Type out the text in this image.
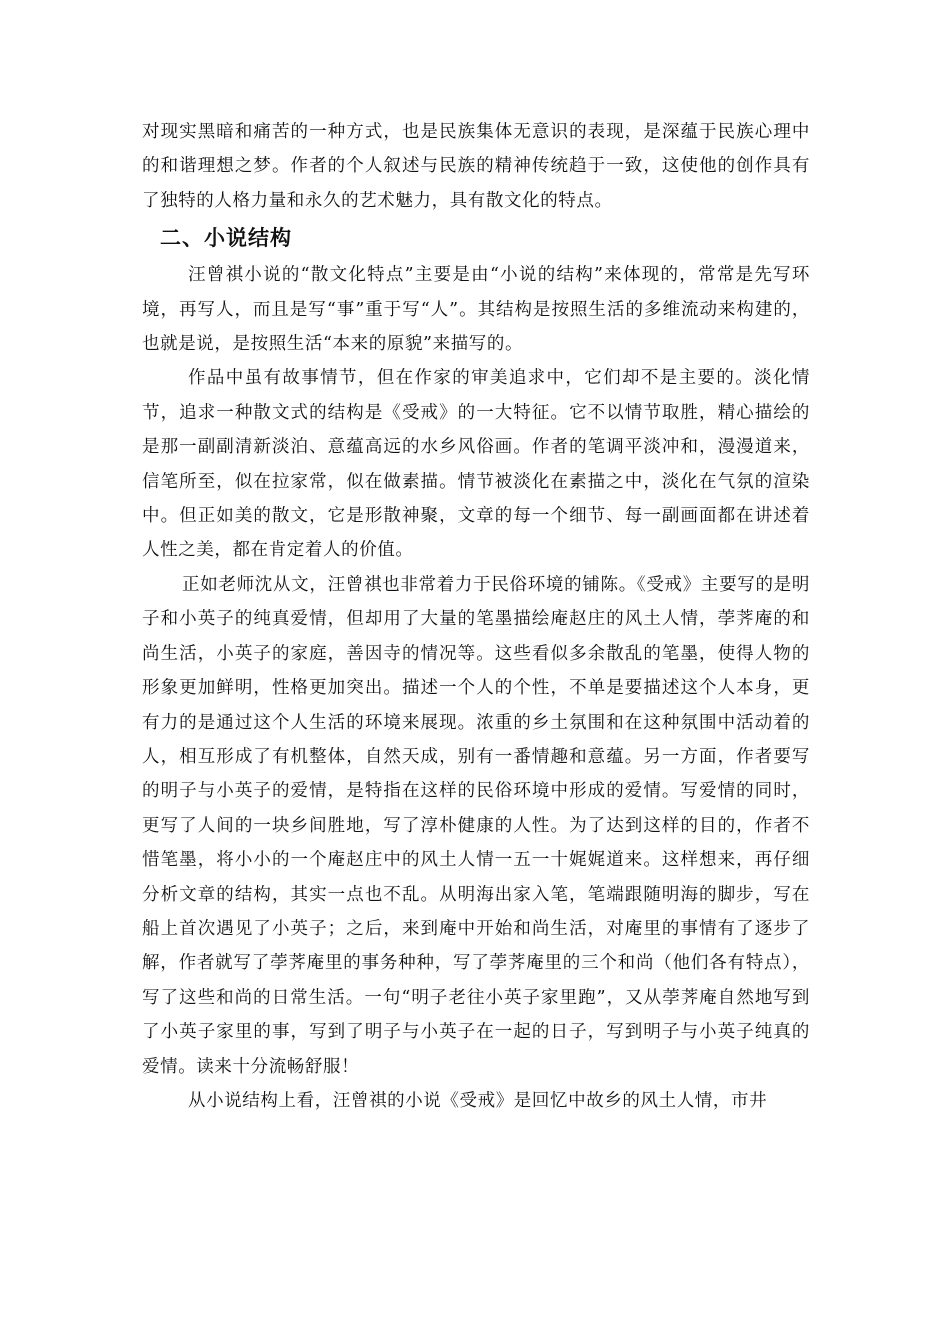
对现实黑暗和痛苦的一种方式，也是民族集体无意识的表现，是深蕴于民族心理中的和谐理想之梦。作者的个人叙述与民族的精神传统趋于一致，这使他的创作具有了独特的人格力量和永久的艺术魅力，具有散文化的特点。

二、小说结构

汪曾祺小说的“散文化特点”主要是由“小说的结构”来体现的，常常是先写环境，再写人，而且是写“事”重于写“人”。其结构是按照生活的多维流动来构建的，也就是说，是按照生活“本来的原貌”来描写的。

作品中虽有故事情节，但在作家的审美追求中，它们却不是主要的。淡化情节，追求一种散文式的结构是《受戒》的一大特征。它不以情节取胜，精心描绘的是那一副副清新淡泊、意蕴高远的水乡风俗画。作者的笔调平淡冲和，漫漫道来，信笔所至，似在拉家常，似在做素描。情节被淡化在素描之中，淡化在气氛的渲染中。但正如美的散文，它是形散神聚，文章的每一个细节、每一副画面都在讲述着人性之美，都在肯定着人的价值。

正如老师沈从文，汪曾祺也非常着力于民俗环境的铺陈。《受戒》主要写的是明子和小英子的纯真爱情，但却用了大量的笔墨描绘庵赵庄的风土人情，荸荠庵的和尚生活，小英子的家庭，善因寺的情况等。这些看似多余散乱的笔墨，使得人物的形象更加鲜明，性格更加突出。描述一个人的个性，不单是要描述这个人本身，更有力的是通过这个人生活的环境来展现。浓重的乡土氛围和在这种氛围中活动着的人，相互形成了有机整体，自然天成，别有一番情趣和意蕴。另一方面，作者要写的明子与小英子的爱情，是特指在这样的民俗环境中形成的爱情。写爱情的同时，更写了人间的一块乡间胜地，写了淳朴健康的人性。为了达到这样的目的，作者不惜笔墨，将小小的一个庵赵庄中的风土人情一五一十娓娓道来。这样想来，再仔细分析文章的结构，其实一点也不乱。从明海出家入笔，笔端跟随明海的脚步，写在船上首次遇见了小英子；之后，来到庵中开始和尚生活，对庵里的事情有了逐步了解，作者就写了荸荠庵里的事务种种，写了荸荠庵里的三个和尚（他们各有特点），写了这些和尚的日常生活。一句“明子老往小英子家里跑”，又从荸荠庵自然地写到了小英子家里的事，写到了明子与小英子在一起的日子，写到明子与小英子纯真的爱情。读来十分流畅舒服！

从小说结构上看，汪曾祺的小说《受戒》是回忆中故乡的风土人情，市井
